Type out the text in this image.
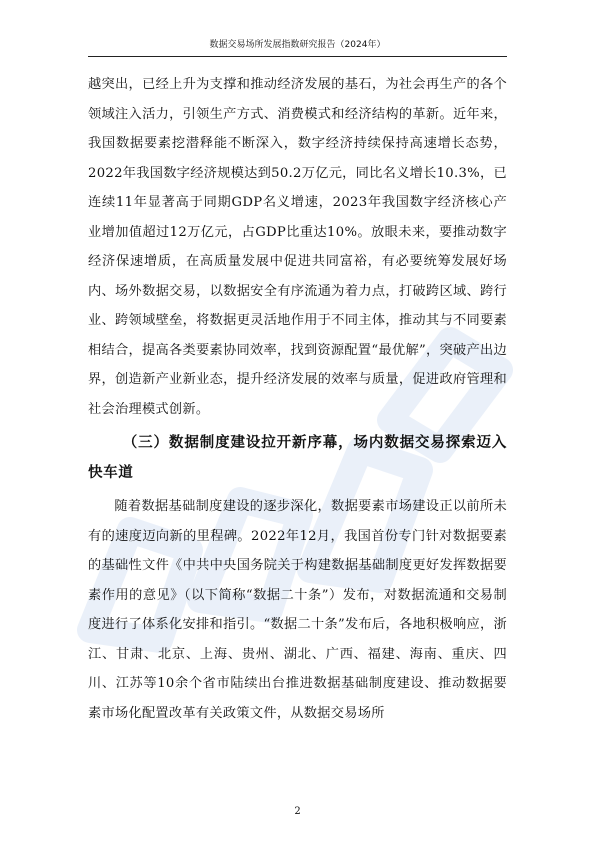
数据交易场所发展指数研究报告（2024年）

越突出，已经上升为支撑和推动经济发展的基石，为社会再生产的各个领域注入活力，引领生产方式、消费模式和经济结构的革新。近年来，我国数据要素挖潜释能不断深入，数字经济持续保持高速增长态势，2022年我国数字经济规模达到50.2万亿元，同比名义增长10.3%，已连续11年显著高于同期GDP名义增速，2023年我国数字经济核心产业增加值超过12万亿元，占GDP比重达10%。放眼未来，要推动数字经济保速增质，在高质量发展中促进共同富裕，有必要统筹发展好场内、场外数据交易，以数据安全有序流通为着力点，打破跨区域、跨行业、跨领域壁垒，将数据更灵活地作用于不同主体，推动其与不同要素相结合，提高各类要素协同效率，找到资源配置“最优解”，突破产出边界，创造新产业新业态，提升经济发展的效率与质量，促进政府管理和社会治理模式创新。

（三）数据制度建设拉开新序幕，场内数据交易探索迈入快车道

随着数据基础制度建设的逐步深化，数据要素市场建设正以前所未有的速度迈向新的里程碑。2022年12月，我国首份专门针对数据要素的基础性文件《中共中央国务院关于构建数据基础制度更好发挥数据要素作用的意见》（以下简称“数据二十条”）发布，对数据流通和交易制度进行了体系化安排和指引。“数据二十条”发布后，各地积极响应，浙江、甘肃、北京、上海、贵州、湖北、广西、福建、海南、重庆、四川、江苏等10余个省市陆续出台推进数据基础制度建设、推动数据要素市场化配置改革有关政策文件，从数据交易场所

2
